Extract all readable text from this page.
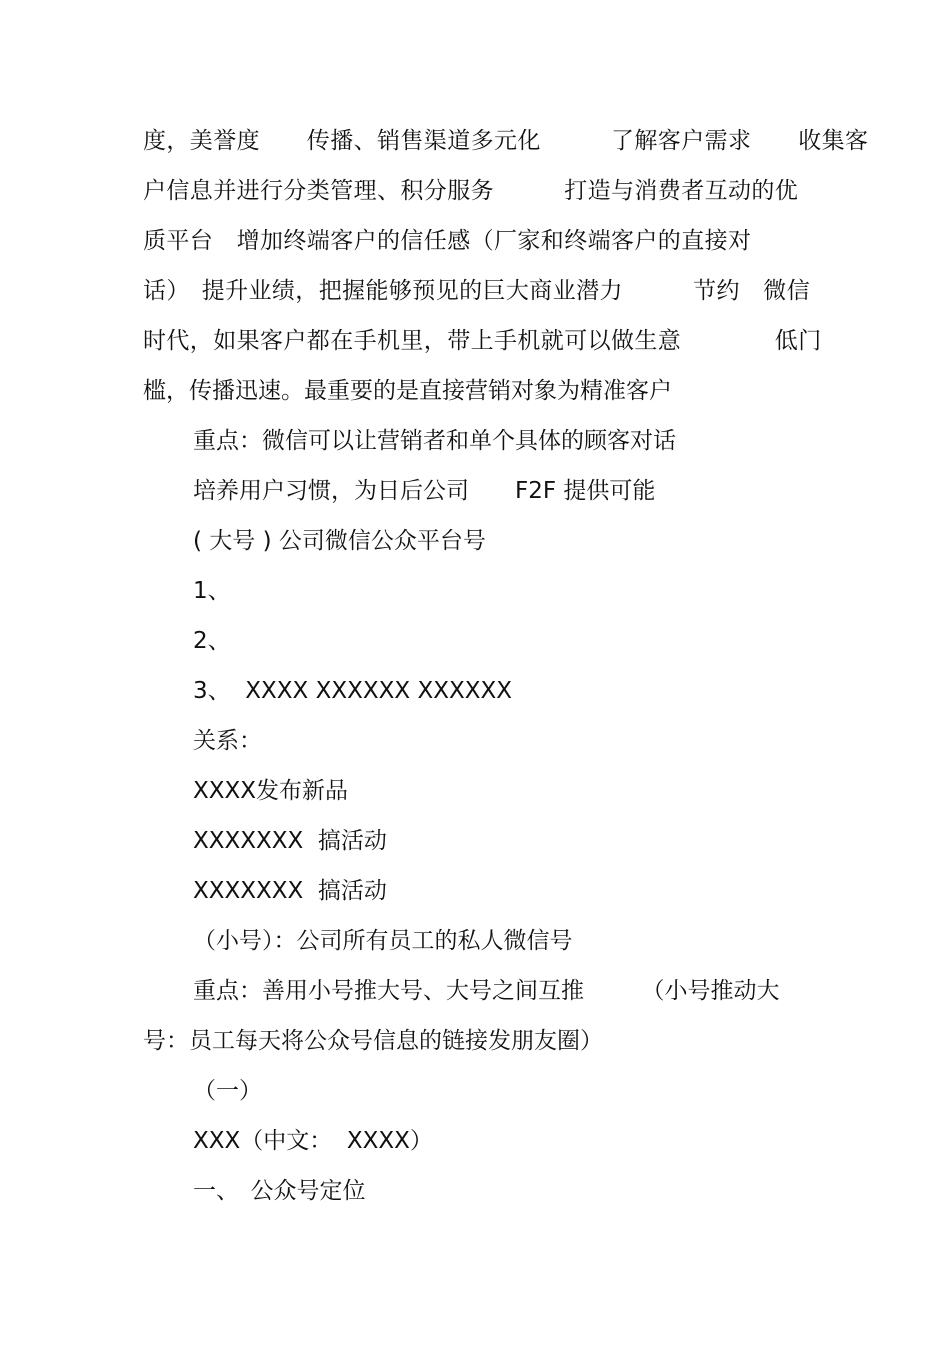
度，美誉度　　传播、销售渠道多元化　　　了解客户需求　　收集客
户信息并进行分类管理、积分服务　　　打造与消费者互动的优
质平台　增加终端客户的信任感（厂家和终端客户的直接对
话）　提升业绩，把握能够预见的巨大商业潜力　　　节约　微信
时代，如果客户都在手机里，带上手机就可以做生意　　　　低门
槛，传播迅速。最重要的是直接营销对象为精准客户
重点：微信可以让营销者和单个具体的顾客对话
培养用户习惯，为日后公司　　F2F 提供可能
( 大号 ) 公司微信公众平台号
1、
2、
3、  XXXX XXXXXX XXXXXX
关系：
XXXX发布新品
XXXXXXX  搞活动
XXXXXXX  搞活动
（小号）：公司所有员工的私人微信号
重点：善用小号推大号、大号之间互推　　　（小号推动大
号：员工每天将公众号信息的链接发朋友圈）
（一）
XXX（中文：  XXXX）
一、　公众号定位
